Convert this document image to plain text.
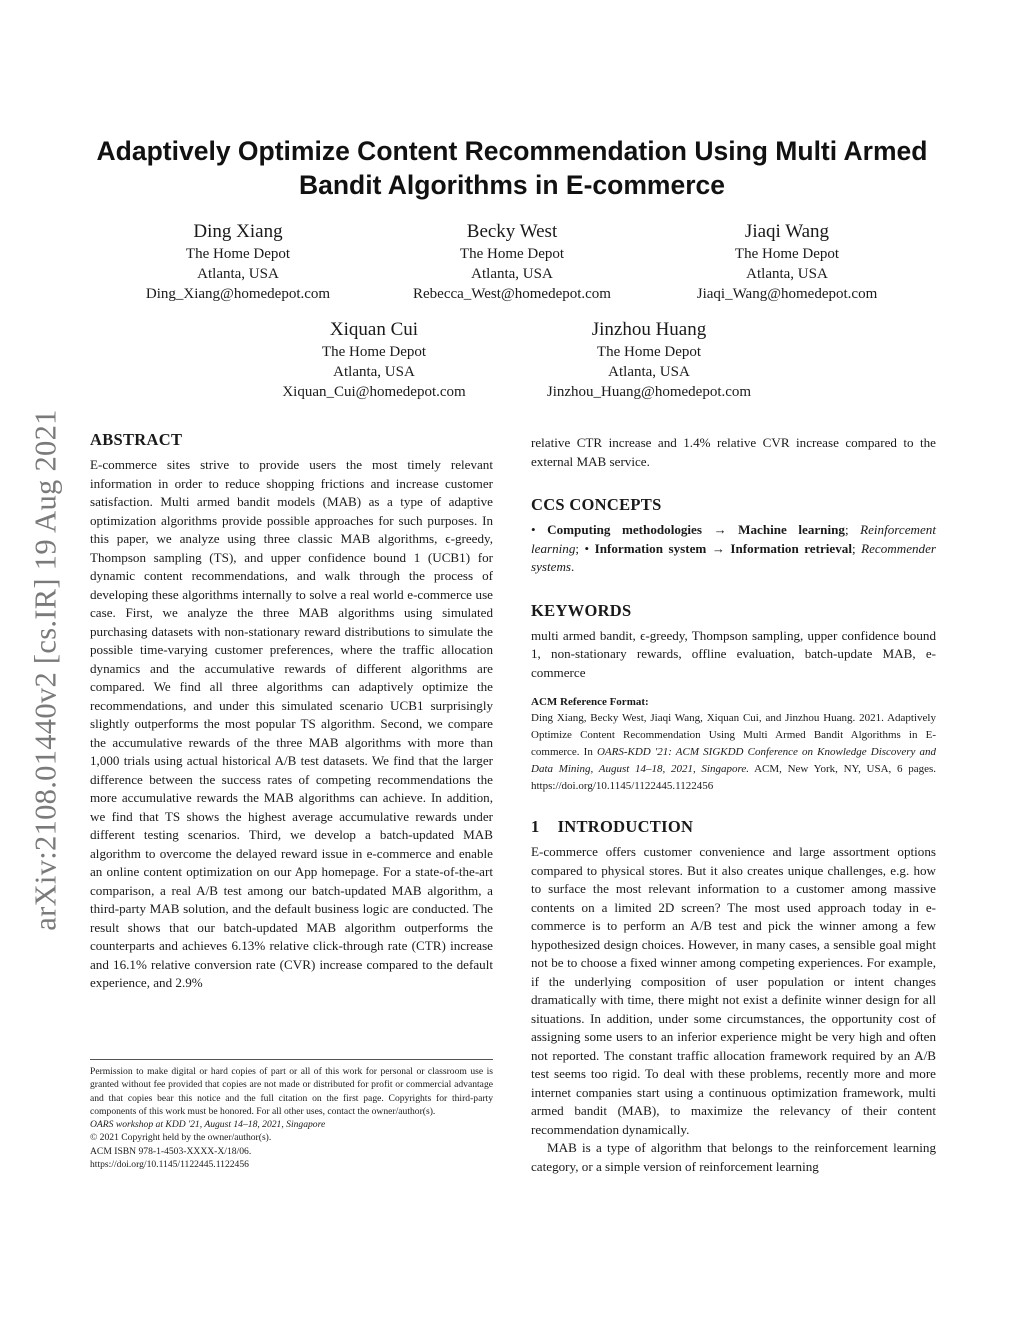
arXiv:2108.01440v2 [cs.IR] 19 Aug 2021
Adaptively Optimize Content Recommendation Using Multi Armed Bandit Algorithms in E-commerce
Ding Xiang
The Home Depot
Atlanta, USA
Ding_Xiang@homedepot.com
Becky West
The Home Depot
Atlanta, USA
Rebecca_West@homedepot.com
Jiaqi Wang
The Home Depot
Atlanta, USA
Jiaqi_Wang@homedepot.com
Xiquan Cui
The Home Depot
Atlanta, USA
Xiquan_Cui@homedepot.com
Jinzhou Huang
The Home Depot
Atlanta, USA
Jinzhou_Huang@homedepot.com
ABSTRACT

E-commerce sites strive to provide users the most timely relevant information in order to reduce shopping frictions and increase customer satisfaction. Multi armed bandit models (MAB) as a type of adaptive optimization algorithms provide possible approaches for such purposes. In this paper, we analyze using three classic MAB algorithms, ϵ-greedy, Thompson sampling (TS), and upper confidence bound 1 (UCB1) for dynamic content recommendations, and walk through the process of developing these algorithms internally to solve a real world e-commerce use case. First, we analyze the three MAB algorithms using simulated purchasing datasets with non-stationary reward distributions to simulate the possible time-varying customer preferences, where the traffic allocation dynamics and the accumulative rewards of different algorithms are compared. We find all three algorithms can adaptively optimize the recommendations, and under this simulated scenario UCB1 surprisingly slightly outperforms the most popular TS algorithm. Second, we compare the accumulative rewards of the three MAB algorithms with more than 1,000 trials using actual historical A/B test datasets. We find that the larger difference between the success rates of competing recommendations the more accumulative rewards the MAB algorithms can achieve. In addition, we find that TS shows the highest average accumulative rewards under different testing scenarios. Third, we develop a batch-updated MAB algorithm to overcome the delayed reward issue in e-commerce and enable an online content optimization on our App homepage. For a state-of-the-art comparison, a real A/B test among our batch-updated MAB algorithm, a third-party MAB solution, and the default business logic are conducted. The result shows that our batch-updated MAB algorithm outperforms the counterparts and achieves 6.13% relative click-through rate (CTR) increase and 16.1% relative conversion rate (CVR) increase compared to the default experience, and 2.9%

Permission to make digital or hard copies of part or all of this work for personal or classroom use is granted without fee provided that copies are not made or distributed for profit or commercial advantage and that copies bear this notice and the full citation on the first page. Copyrights for third-party components of this work must be honored. For all other uses, contact the owner/author(s).

OARS workshop at KDD '21, August 14–18, 2021, Singapore

© 2021 Copyright held by the owner/author(s).

ACM ISBN 978-1-4503-XXXX-X/18/06.

https://doi.org/10.1145/1122445.1122456

relative CTR increase and 1.4% relative CVR increase compared to the external MAB service.

CCS CONCEPTS

• Computing methodologies → Machine learning; Reinforcement learning; • Information system → Information retrieval; Recommender systems.

KEYWORDS

multi armed bandit, ϵ-greedy, Thompson sampling, upper confidence bound 1, non-stationary rewards, offline evaluation, batch-update MAB, e-commerce

ACM Reference Format:

Ding Xiang, Becky West, Jiaqi Wang, Xiquan Cui, and Jinzhou Huang. 2021. Adaptively Optimize Content Recommendation Using Multi Armed Bandit Algorithms in E-commerce. In OARS-KDD '21: ACM SIGKDD Conference on Knowledge Discovery and Data Mining, August 14–18, 2021, Singapore. ACM, New York, NY, USA, 6 pages. https://doi.org/10.1145/1122445.1122456

1 INTRODUCTION

E-commerce offers customer convenience and large assortment options compared to physical stores. But it also creates unique challenges, e.g. how to surface the most relevant information to a customer among massive contents on a limited 2D screen? The most used approach today in e-commerce is to perform an A/B test and pick the winner among a few hypothesized design choices. However, in many cases, a sensible goal might not be to choose a fixed winner among competing experiences. For example, if the underlying composition of user population or intent changes dramatically with time, there might not exist a definite winner design for all situations. In addition, under some circumstances, the opportunity cost of assigning some users to an inferior experience might be very high and often not reported. The constant traffic allocation framework required by an A/B test seems too rigid. To deal with these problems, recently more and more internet companies start using a continuous optimization framework, multi armed bandit (MAB), to maximize the relevancy of their content recommendation dynamically.

MAB is a type of algorithm that belongs to the reinforcement learning category, or a simple version of reinforcement learning
